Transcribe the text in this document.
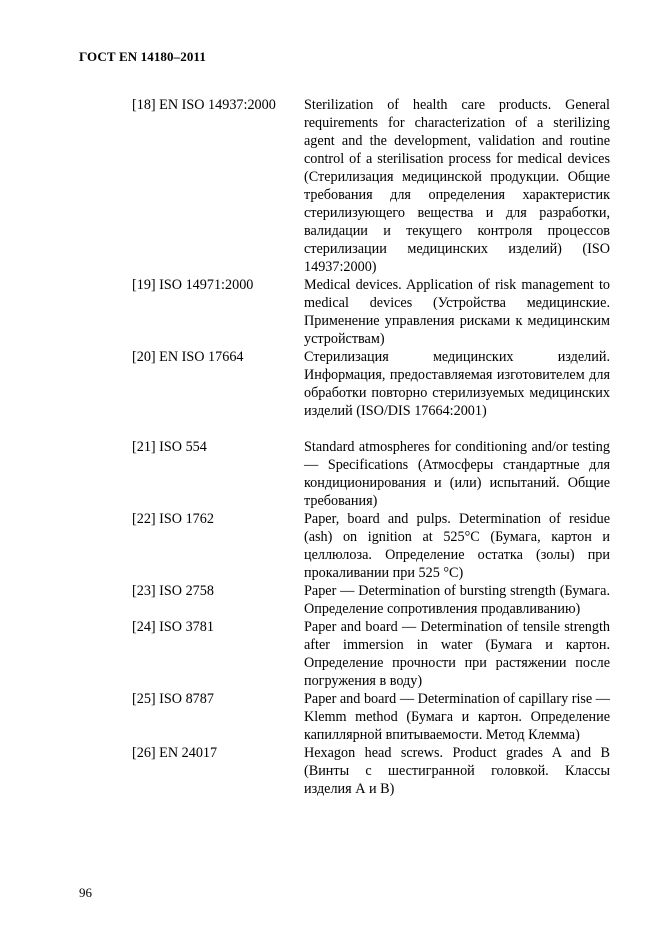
ГОСТ EN 14180–2011
[18] EN ISO 14937:2000	Sterilization of health care products. General requirements for characterization of a sterilizing agent and the development, validation and routine control of a sterilisation process for medical devices (Стерилизация медицинской продукции. Общие требования для определения характеристик стерилизующего вещества и для разработки, валидации и текущего контроля процессов стерилизации медицинских изделий) (ISO 14937:2000)
[19] ISO 14971:2000	Medical devices. Application of risk management to medical devices (Устройства медицинские. Применение управления рисками к медицинским устройствам)
[20] EN ISO 17664	Стерилизация медицинских изделий. Информация, предоставляемая изготовителем для обработки повторно стерилизуемых медицинских изделий (ISO/DIS 17664:2001)
[21] ISO 554	Standard atmospheres for conditioning and/or testing — Specifications (Атмосферы стандартные для кондиционирования и (или) испытаний. Общие требования)
[22] ISO 1762	Paper, board and pulps. Determination of residue (ash) on ignition at 525°C (Бумага, картон и целлюлоза. Определение остатка (золы) при прокаливании при 525 °C)
[23] ISO 2758	Paper — Determination of bursting strength (Бумага. Определение сопротивления продавливанию)
[24] ISO 3781	Paper and board — Determination of tensile strength after immersion in water (Бумага и картон. Определение прочности при растяжении после погружения в воду)
[25] ISO 8787	Paper and board — Determination of capillary rise — Klemm method (Бумага и картон. Определение капиллярной впитываемости. Метод Клемма)
[26] EN 24017	Hexagon head screws. Product grades A and B (Винты с шестигранной головкой. Классы изделия А и В)
96
